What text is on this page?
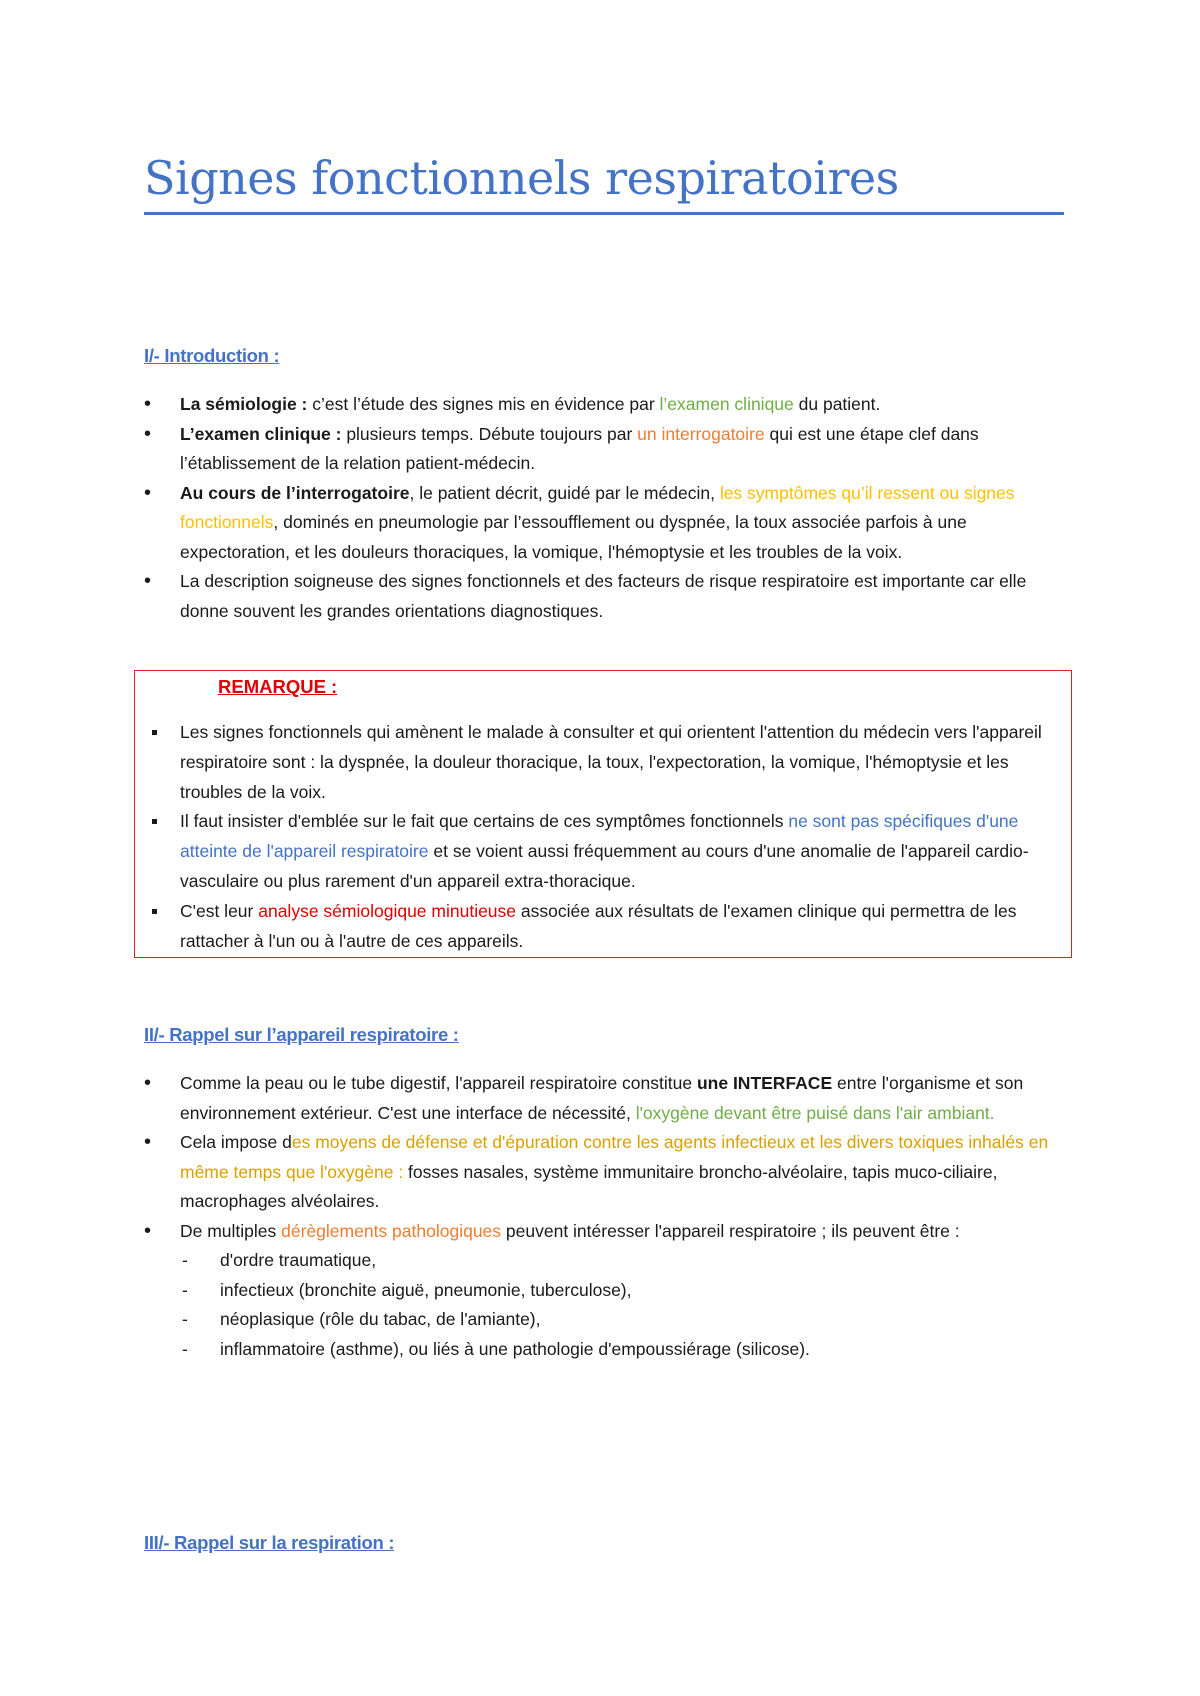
Signes fonctionnels respiratoires
I/- Introduction :
• La sémiologie : c’est l’étude des signes mis en évidence par l’examen clinique du patient.
• L’examen clinique : plusieurs temps. Débute toujours par un interrogatoire qui est une étape clef dans l’établissement de la relation patient-médecin.
• Au cours de l’interrogatoire, le patient décrit, guidé par le médecin, les symptômes qu’il ressent ou signes fonctionnels, dominés en pneumologie par l’essoufflement ou dyspnée, la toux associée parfois à une expectoration, et les douleurs thoraciques, la vomique, l'hémoptysie et les troubles de la voix.
• La description soigneuse des signes fonctionnels et des facteurs de risque respiratoire est importante car elle donne souvent les grandes orientations diagnostiques.
REMARQUE :
Les signes fonctionnels qui amènent le malade à consulter et qui orientent l'attention du médecin vers l'appareil respiratoire sont : la dyspnée, la douleur thoracique, la toux, l'expectoration, la vomique, l'hémoptysie et les troubles de la voix.
Il faut insister d'emblée sur le fait que certains de ces symptômes fonctionnels ne sont pas spécifiques d'une atteinte de l'appareil respiratoire et se voient aussi fréquemment au cours d'une anomalie de l'appareil cardio-vasculaire ou plus rarement d'un appareil extra-thoracique.
C'est leur analyse sémiologique minutieuse associée aux résultats de l'examen clinique qui permettra de les rattacher à l'un ou à l'autre de ces appareils.
II/- Rappel sur l’appareil respiratoire :
• Comme la peau ou le tube digestif, l'appareil respiratoire constitue une INTERFACE entre l'organisme et son environnement extérieur. C'est une interface de nécessité, l'oxygène devant être puisé dans l'air ambiant.
• Cela impose des moyens de défense et d'épuration contre les agents infectieux et les divers toxiques inhalés en même temps que l'oxygène : fosses nasales, système immunitaire broncho-alvéolaire, tapis muco-ciliaire, macrophages alvéolaires.
• De multiples dérèglements pathologiques peuvent intéresser l'appareil respiratoire ; ils peuvent être :
- d'ordre traumatique,
- infectieux (bronchite aiguë, pneumonie, tuberculose),
- néoplasique (rôle du tabac, de l'amiante),
- inflammatoire (asthme), ou liés à une pathologie d'empoussiérage (silicose).
III/- Rappel sur la respiration :
